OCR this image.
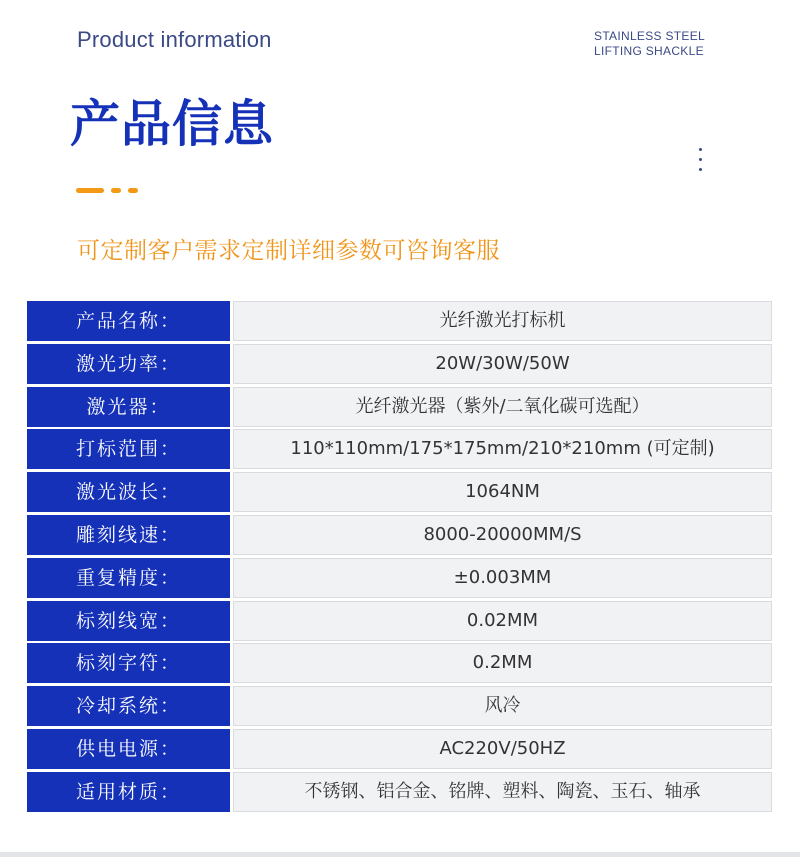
Product information	STAINLESS STEEL
LIFTING SHACKLE
产品信息
可定制客户需求定制详细参数可咨询客服
产品名称：	光纤激光打标机
激光功率：	20W/30W/50W
激光器：	光纤激光器（紫外/二氧化碳可选配）
打标范围：	110*110mm/175*175mm/210*210mm (可定制)
激光波长：	1064NM
雕刻线速：	8000-20000MM/S
重复精度：	±0.003MM
标刻线宽：	0.02MM
标刻字符：	0.2MM
冷却系统：	风冷
供电电源：	AC220V/50HZ
适用材质：	不锈钢、铝合金、铭牌、塑料、陶瓷、玉石、轴承
